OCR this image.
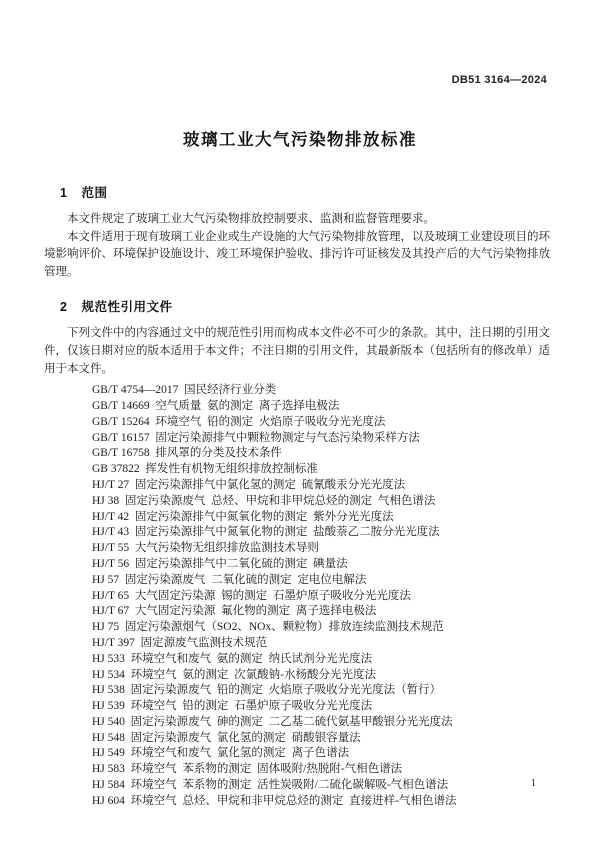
DB51 3164—2024
玻璃工业大气污染物排放标准
1 范围

本文件规定了玻璃工业大气污染物排放控制要求、监测和监督管理要求。

本文件适用于现有玻璃工业企业或生产设施的大气污染物排放管理，以及玻璃工业建设项目的环境影响评价、环境保护设施设计、竣工环境保护验收、排污许可证核发及其投产后的大气污染物排放管理。

2 规范性引用文件

下列文件中的内容通过文中的规范性引用而构成本文件必不可少的条款。其中，注日期的引用文件，仅该日期对应的版本适用于本文件；不注日期的引用文件，其最新版本（包括所有的修改单）适用于本文件。

GB/T 4754—2017  国民经济行业分类
GB/T 14669  空气质量  氨的测定  离子选择电极法
GB/T 15264  环境空气  铅的测定  火焰原子吸收分光光度法
GB/T 16157  固定污染源排气中颗粒物测定与气态污染物采样方法
GB/T 16758  排风罩的分类及技术条件
GB 37822  挥发性有机物无组织排放控制标准
HJ/T 27  固定污染源排气中氯化氢的测定  硫氰酸汞分光光度法
HJ 38  固定污染源废气  总烃、甲烷和非甲烷总烃的测定  气相色谱法
HJ/T 42  固定污染源排气中氮氧化物的测定  紫外分光光度法
HJ/T 43  固定污染源排气中氮氧化物的测定  盐酸萘乙二胺分光光度法
HJ/T 55  大气污染物无组织排放监测技术导则
HJ/T 56  固定污染源排气中二氧化硫的测定  碘量法
HJ 57  固定污染源废气  二氧化硫的测定  定电位电解法
HJ/T 65  大气固定污染源  锡的测定  石墨炉原子吸收分光光度法
HJ/T 67  大气固定污染源  氟化物的测定  离子选择电极法
HJ 75  固定污染源烟气（SO2、NOx、颗粒物）排放连续监测技术规范
HJ/T 397  固定源废气监测技术规范
HJ 533  环境空气和废气  氨的测定  纳氏试剂分光光度法
HJ 534  环境空气  氨的测定  次氯酸钠-水杨酸分光光度法
HJ 538  固定污染源废气  铅的测定  火焰原子吸收分光光度法（暂行）
HJ 539  环境空气  铅的测定  石墨炉原子吸收分光光度法
HJ 540  固定污染源废气  砷的测定  二乙基二硫代氨基甲酸银分光光度法
HJ 548  固定污染源废气  氯化氢的测定  硝酸银容量法
HJ 549  环境空气和废气  氯化氢的测定  离子色谱法
HJ 583  环境空气  苯系物的测定  固体吸附/热脱附-气相色谱法
HJ 584  环境空气  苯系物的测定  活性炭吸附/二硫化碳解吸-气相色谱法
HJ 604  环境空气  总烃、甲烷和非甲烷总烃的测定  直接进样-气相色谱法
1
